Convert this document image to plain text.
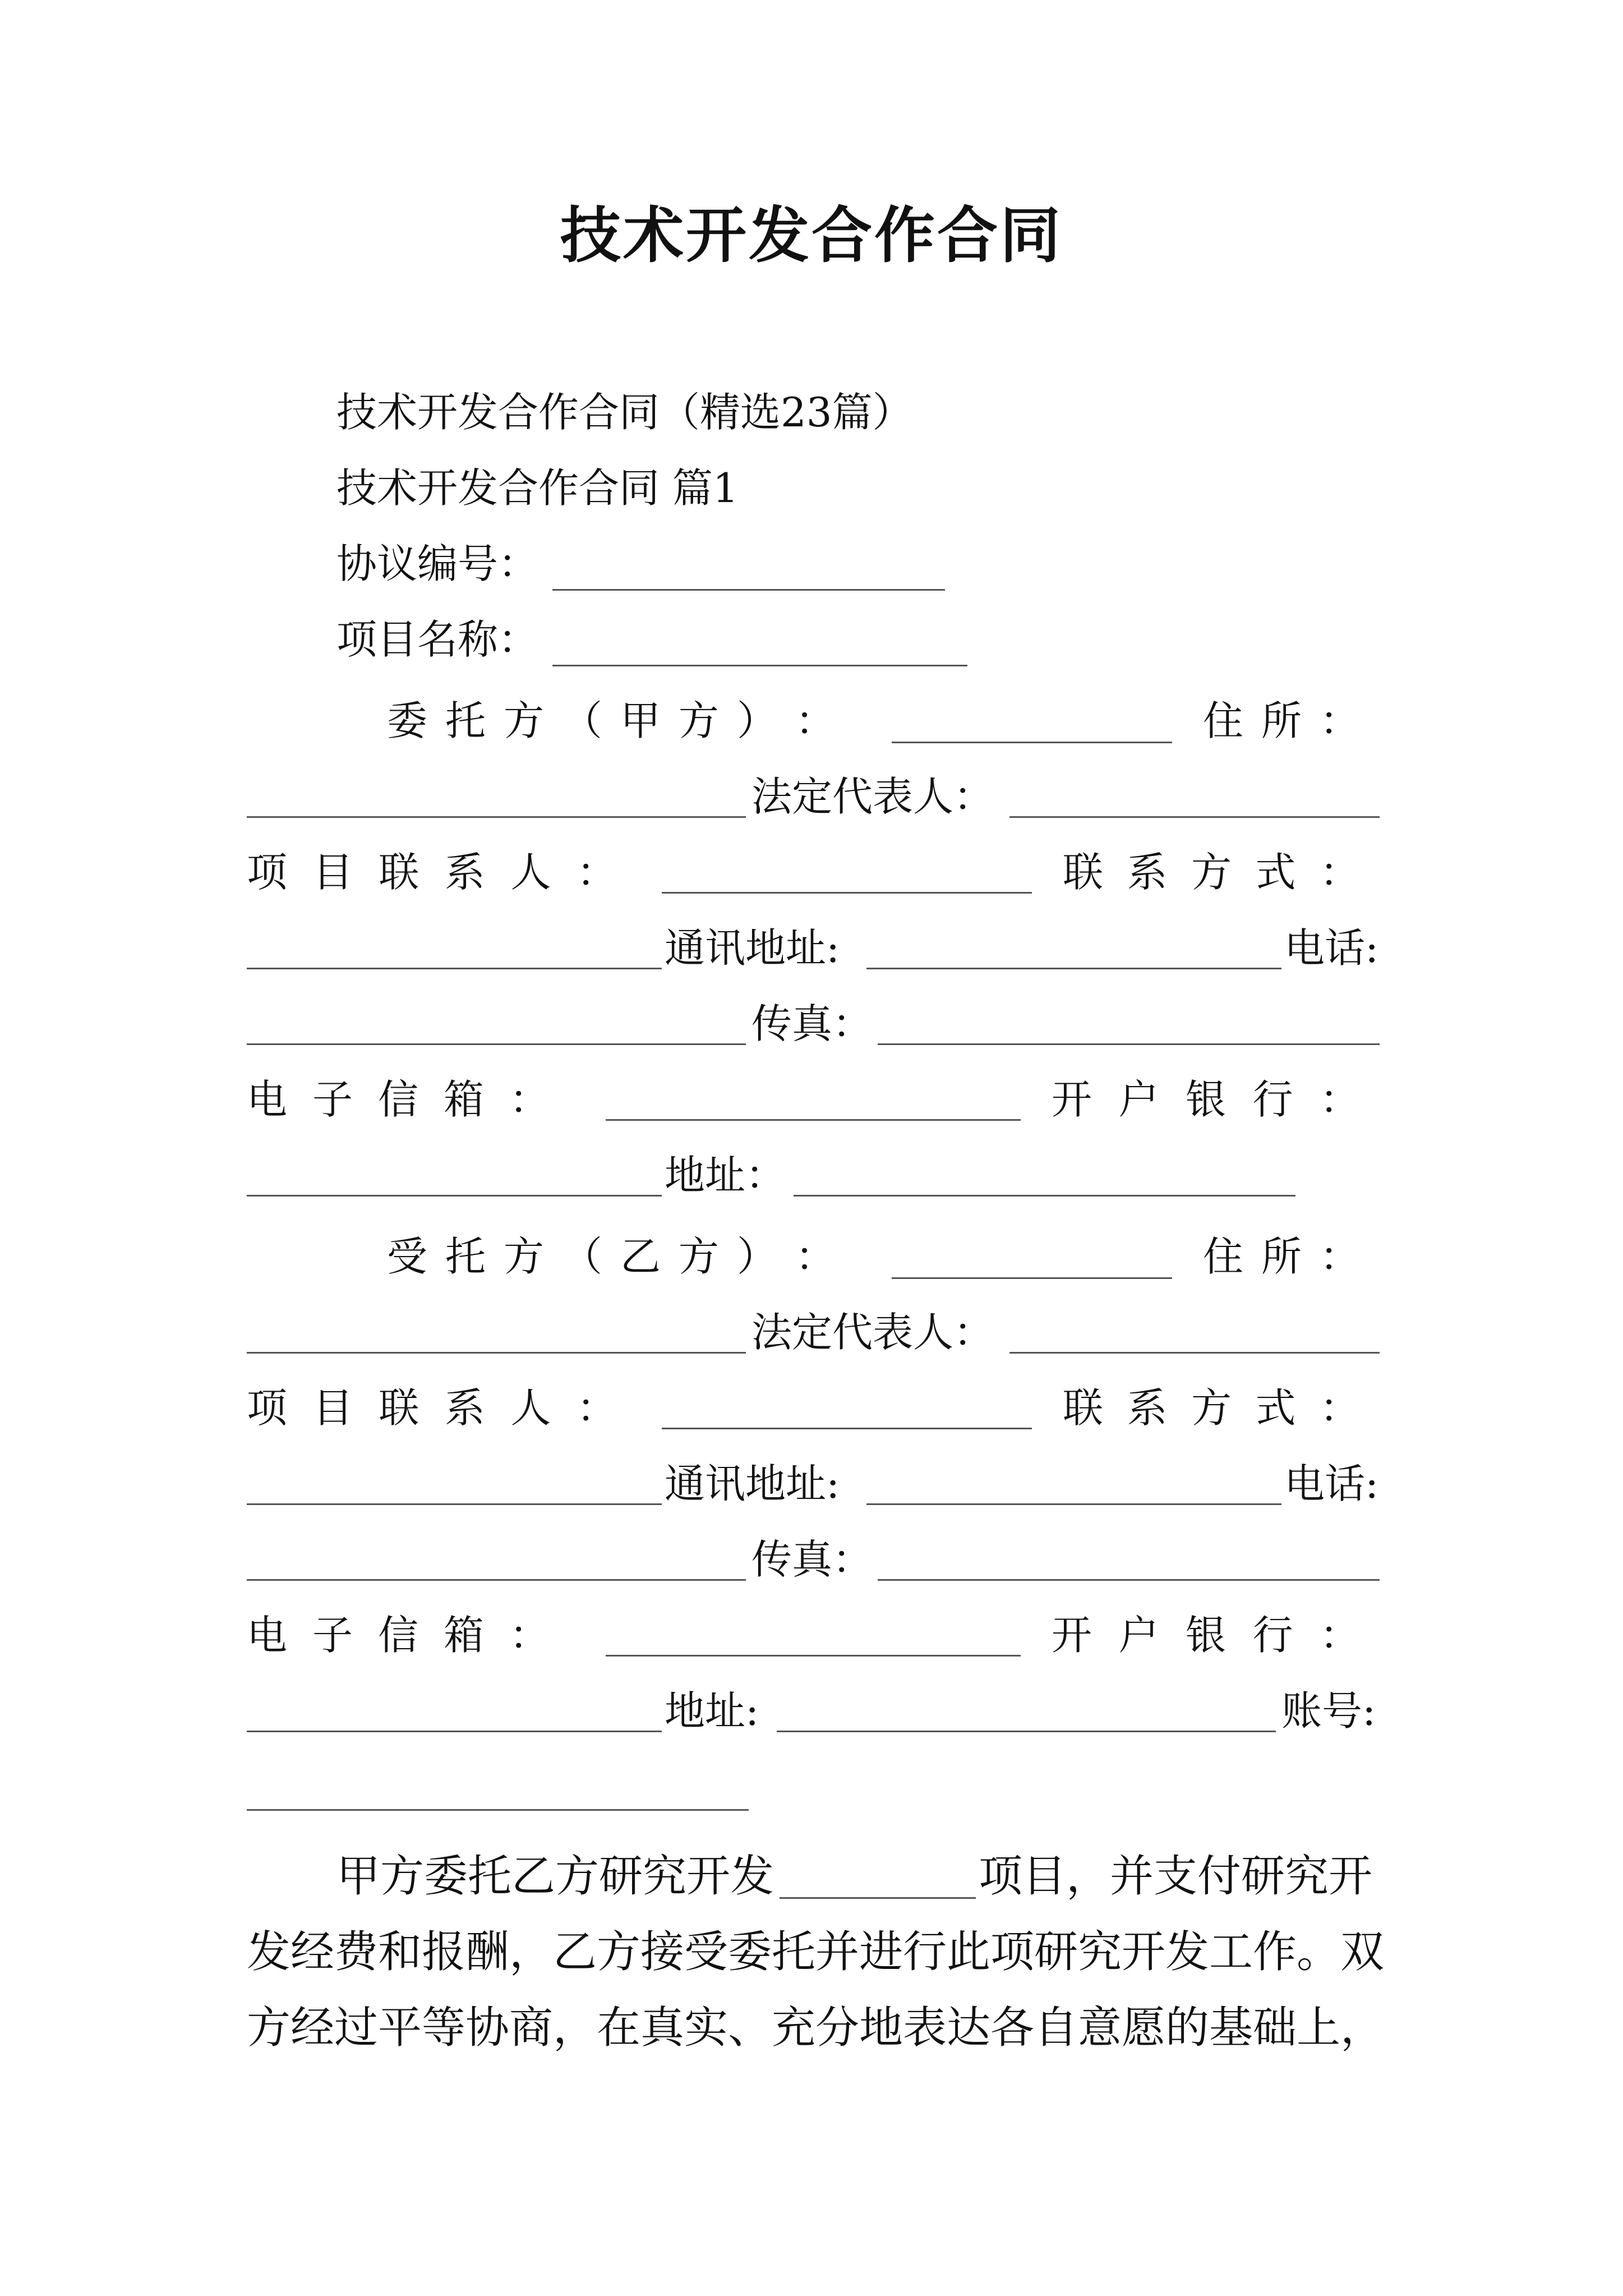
技术开发合作合同
技术开发合作合同（精选23篇）
技术开发合作合同 篇1
协议编号：
项目名称：
委 托 方 （ 甲 方 ） ：	住 所 ：
法定代表人：
项 目 联 系 人 ：	联 系 方 式 ：
通讯地址:	电话:
传真：
电 子 信 箱 ：	开 户 银 行 ：
地址：
受 托 方 （ 乙 方 ） ：	住 所 ：
法定代表人：
项 目 联 系 人 ：	联 系 方 式 ：
通讯地址:	电话:
传真：
电 子 信 箱 ：	开 户 银 行 ：
地址:	账号:
甲方委托乙方研究开发	项目，并支付研究开
发经费和报酬，乙方接受委托并进行此项研究开发工作。双
方经过平等协商，在真实、充分地表达各自意愿的基础上，
